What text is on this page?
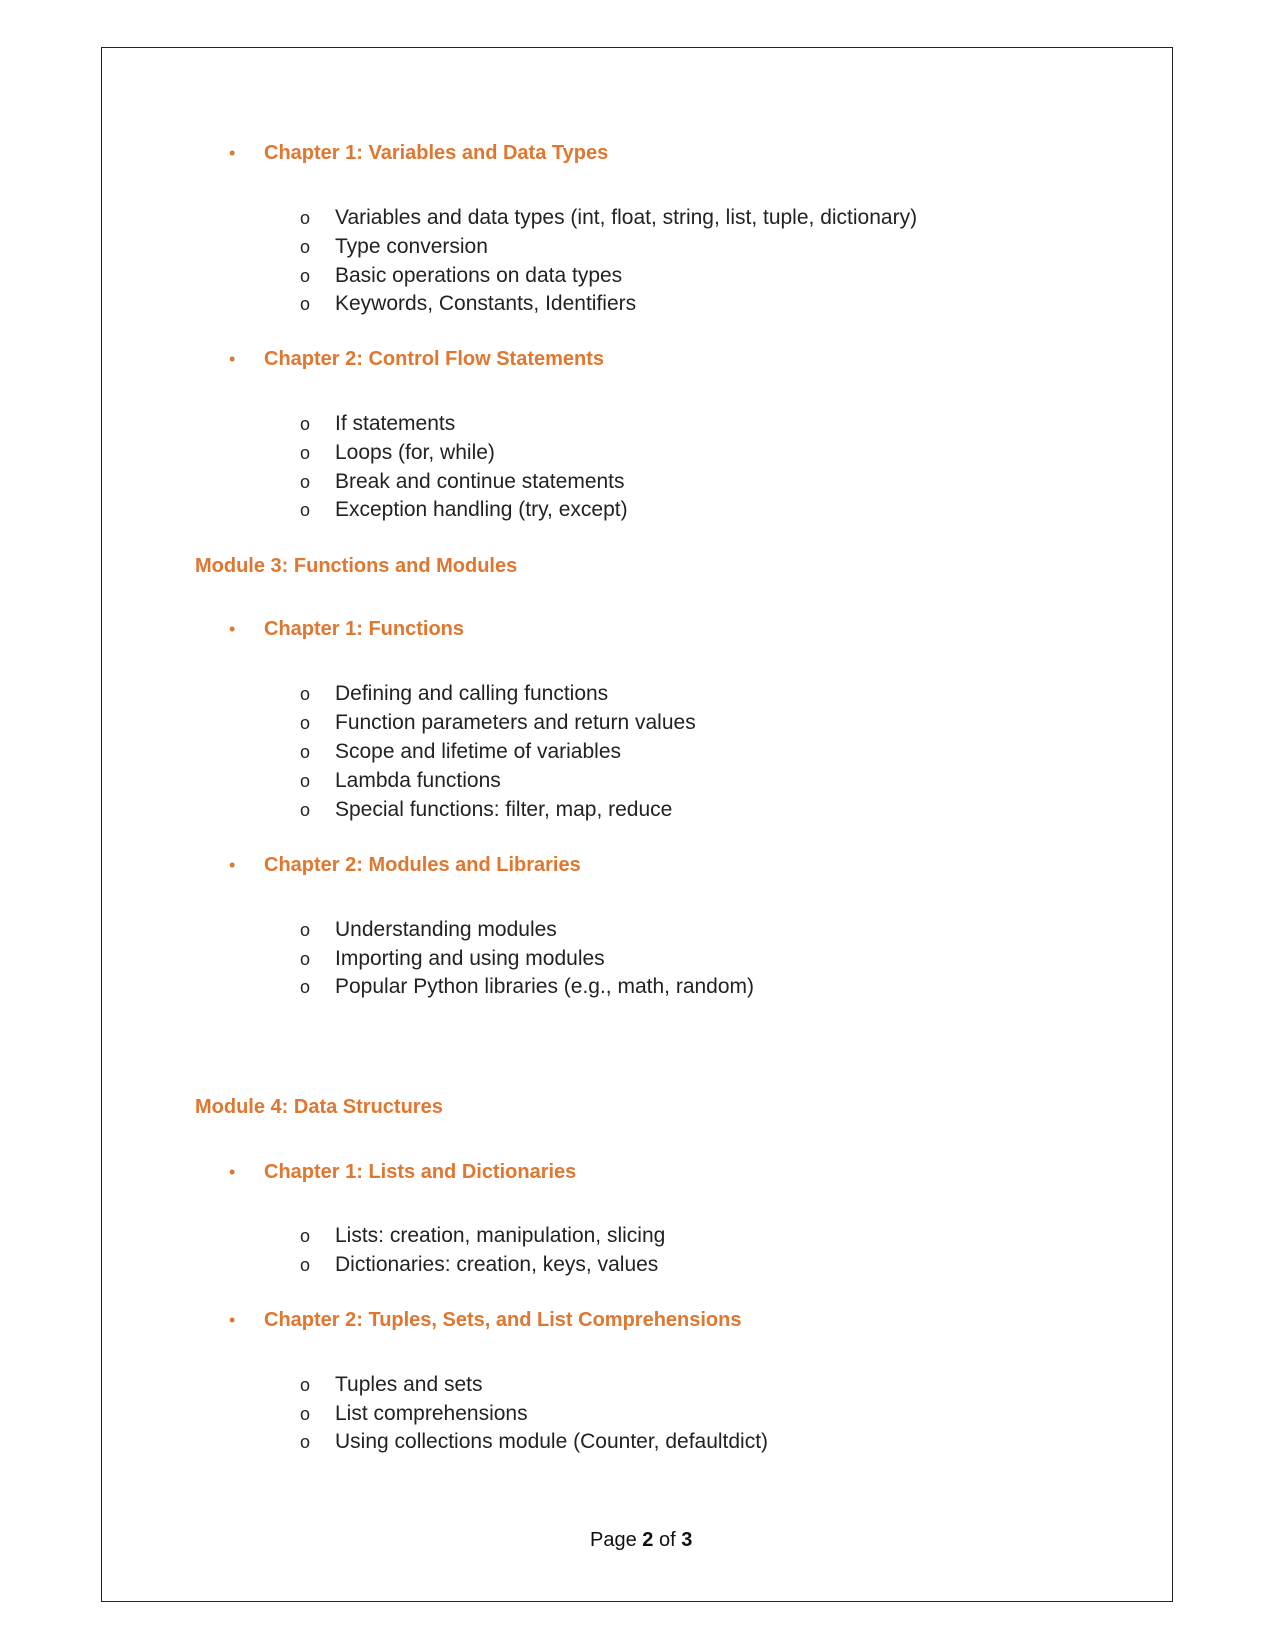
• Chapter 1: Variables and Data Types
o Variables and data types (int, float, string, list, tuple, dictionary)
o Type conversion
o Basic operations on data types
o Keywords, Constants, Identifiers
• Chapter 2: Control Flow Statements
o If statements
o Loops (for, while)
o Break and continue statements
o Exception handling (try, except)
Module 3: Functions and Modules
• Chapter 1: Functions
o Defining and calling functions
o Function parameters and return values
o Scope and lifetime of variables
o Lambda functions
o Special functions: filter, map, reduce
• Chapter 2: Modules and Libraries
o Understanding modules
o Importing and using modules
o Popular Python libraries (e.g., math, random)
Module 4: Data Structures
• Chapter 1: Lists and Dictionaries
o Lists: creation, manipulation, slicing
o Dictionaries: creation, keys, values
• Chapter 2: Tuples, Sets, and List Comprehensions
o Tuples and sets
o List comprehensions
o Using collections module (Counter, defaultdict)
Page 2 of 3
